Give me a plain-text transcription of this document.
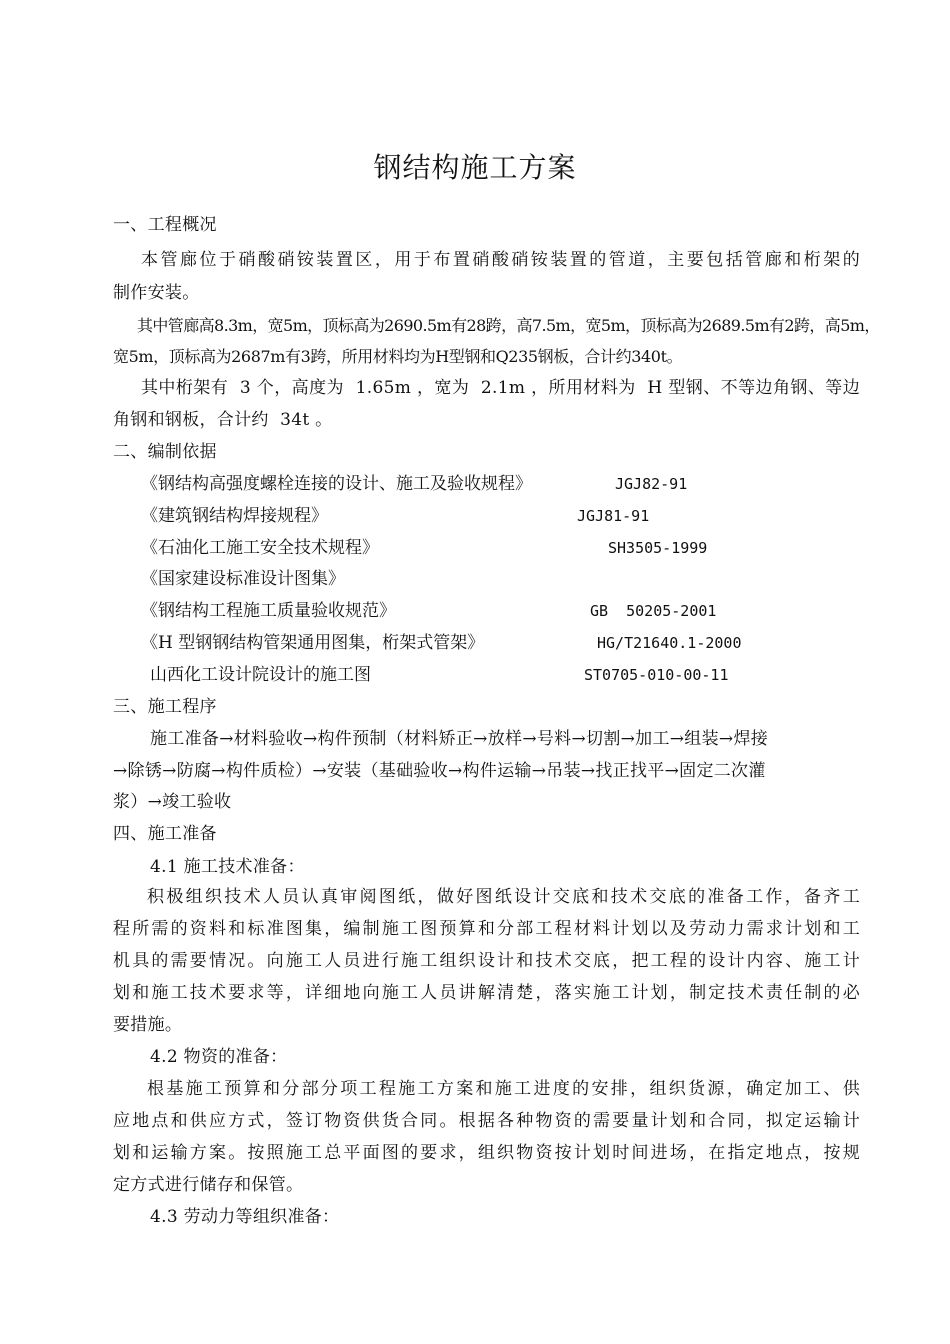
钢结构施工方案
一、工程概况
本管廊位于硝酸硝铵装置区，用于布置硝酸硝铵装置的管道，主要包括管廊和桁架的
制作安装。
其中管廊高8.3m，宽5m，顶标高为2690.5m有28跨，高7.5m，宽5m，顶标高为2689.5m有2跨，高5m，
宽5m，顶标高为2687m有3跨，所用材料均为H型钢和Q235钢板，合计约340t。
其中桁架有  3 个，高度为  1.65m ，宽为  2.1m ，所用材料为  H 型钢、不等边角钢、等边
角钢和钢板，合计约  34t 。
二、编制依据
《钢结构高强度螺栓连接的设计、施工及验收规程》	JGJ82-91
《建筑钢结构焊接规程》	JGJ81-91
《石油化工施工安全技术规程》	SH3505-1999
《国家建设标准设计图集》
《钢结构工程施工质量验收规范》	GB  50205-2001
《H 型钢钢结构管架通用图集，桁架式管架》	HG/T21640.1-2000
山西化工设计院设计的施工图	ST0705-010-00-11
三、施工程序
施工准备→材料验收→构件预制（材料矫正→放样→号料→切割→加工→组装→焊接
→除锈→防腐→构件质检）→安装（基础验收→构件运输→吊装→找正找平→固定二次灌
浆）→竣工验收
四、施工准备
4.1 施工技术准备：
积极组织技术人员认真审阅图纸，做好图纸设计交底和技术交底的准备工作，备齐工
程所需的资料和标准图集，编制施工图预算和分部工程材料计划以及劳动力需求计划和工
机具的需要情况。向施工人员进行施工组织设计和技术交底，把工程的设计内容、施工计
划和施工技术要求等，详细地向施工人员讲解清楚，落实施工计划，制定技术责任制的必
要措施。
4.2 物资的准备：
根基施工预算和分部分项工程施工方案和施工进度的安排，组织货源，确定加工、供
应地点和供应方式，签订物资供货合同。根据各种物资的需要量计划和合同，拟定运输计
划和运输方案。按照施工总平面图的要求，组织物资按计划时间进场，在指定地点，按规
定方式进行储存和保管。
4.3 劳动力等组织准备：
